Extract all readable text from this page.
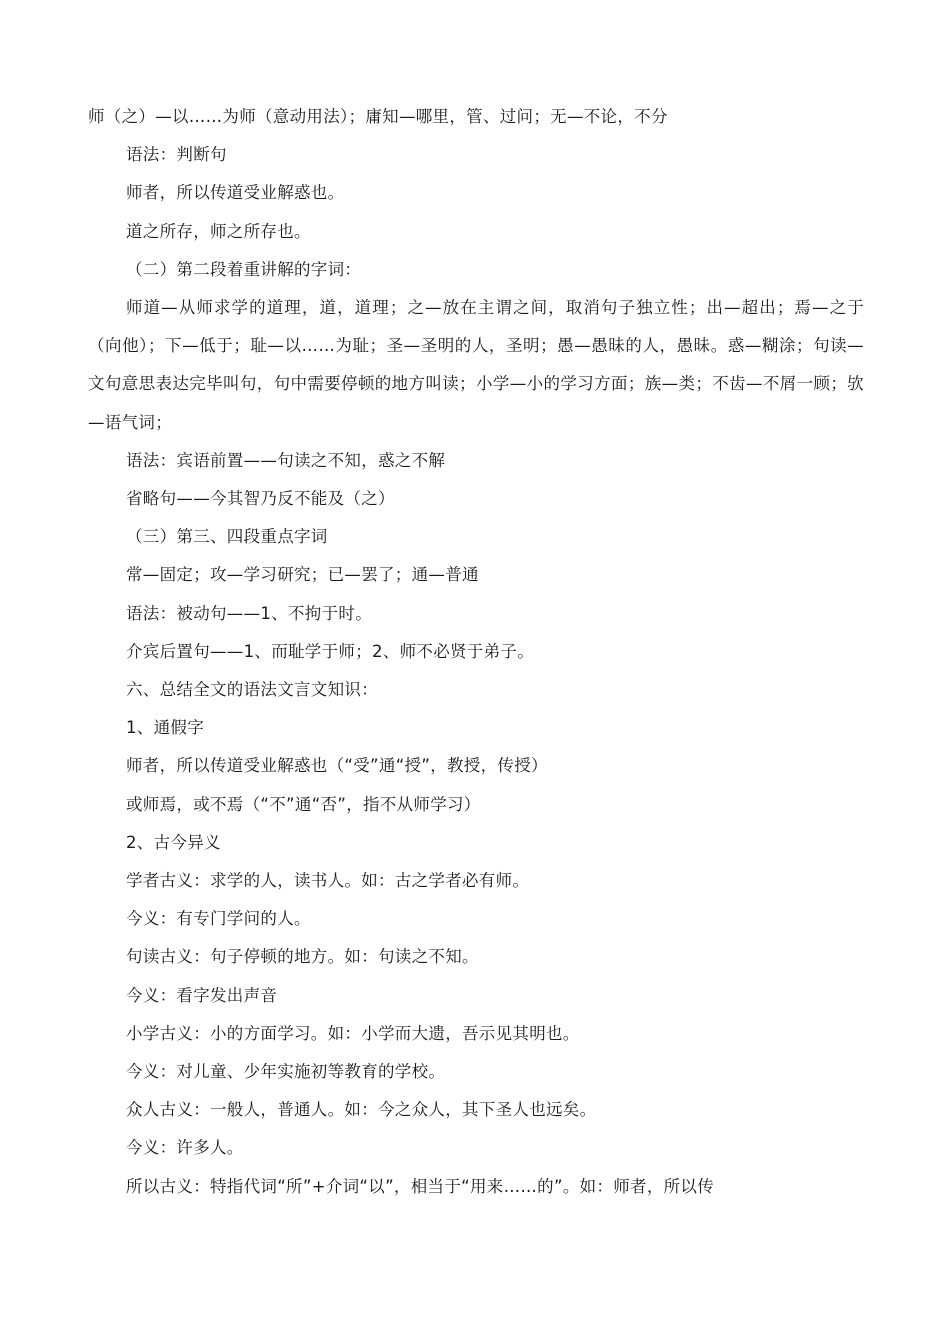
师（之）—以……为师（意动用法）；庸知—哪里，管、过问；无—不论，不分

语法：判断句

师者，所以传道受业解惑也。

道之所存，师之所存也。

（二）第二段着重讲解的字词：

师道—从师求学的道理，道，道理；之—放在主谓之间，取消句子独立性；出—超出；焉—之于（向他）；下—低于；耻—以……为耻；圣—圣明的人，圣明；愚—愚昧的人，愚昧。惑—糊涂；句读—文句意思表达完毕叫句，句中需要停顿的地方叫读；小学—小的学习方面；族—类；不齿—不屑一顾；欤—语气词；

语法：宾语前置——句读之不知，惑之不解

省略句——今其智乃反不能及（之）

（三）第三、四段重点字词

常—固定；攻—学习研究；已—罢了；通—普通

语法：被动句——1、不拘于时。

介宾后置句——1、而耻学于师；2、师不必贤于弟子。

六、总结全文的语法文言文知识：

1、通假字

师者，所以传道受业解惑也（“受”通“授”，教授，传授）

或师焉，或不焉（“不”通“否”，指不从师学习）

2、古今异义

学者古义：求学的人，读书人。如：古之学者必有师。

今义：有专门学问的人。

句读古义：句子停顿的地方。如：句读之不知。

今义：看字发出声音

小学古义：小的方面学习。如：小学而大遗，吾示见其明也。

今义：对儿童、少年实施初等教育的学校。

众人古义：一般人，普通人。如：今之众人，其下圣人也远矣。

今义：许多人。

所以古义：特指代词“所”+介词“以”，相当于“用来……的”。如：师者，所以传
